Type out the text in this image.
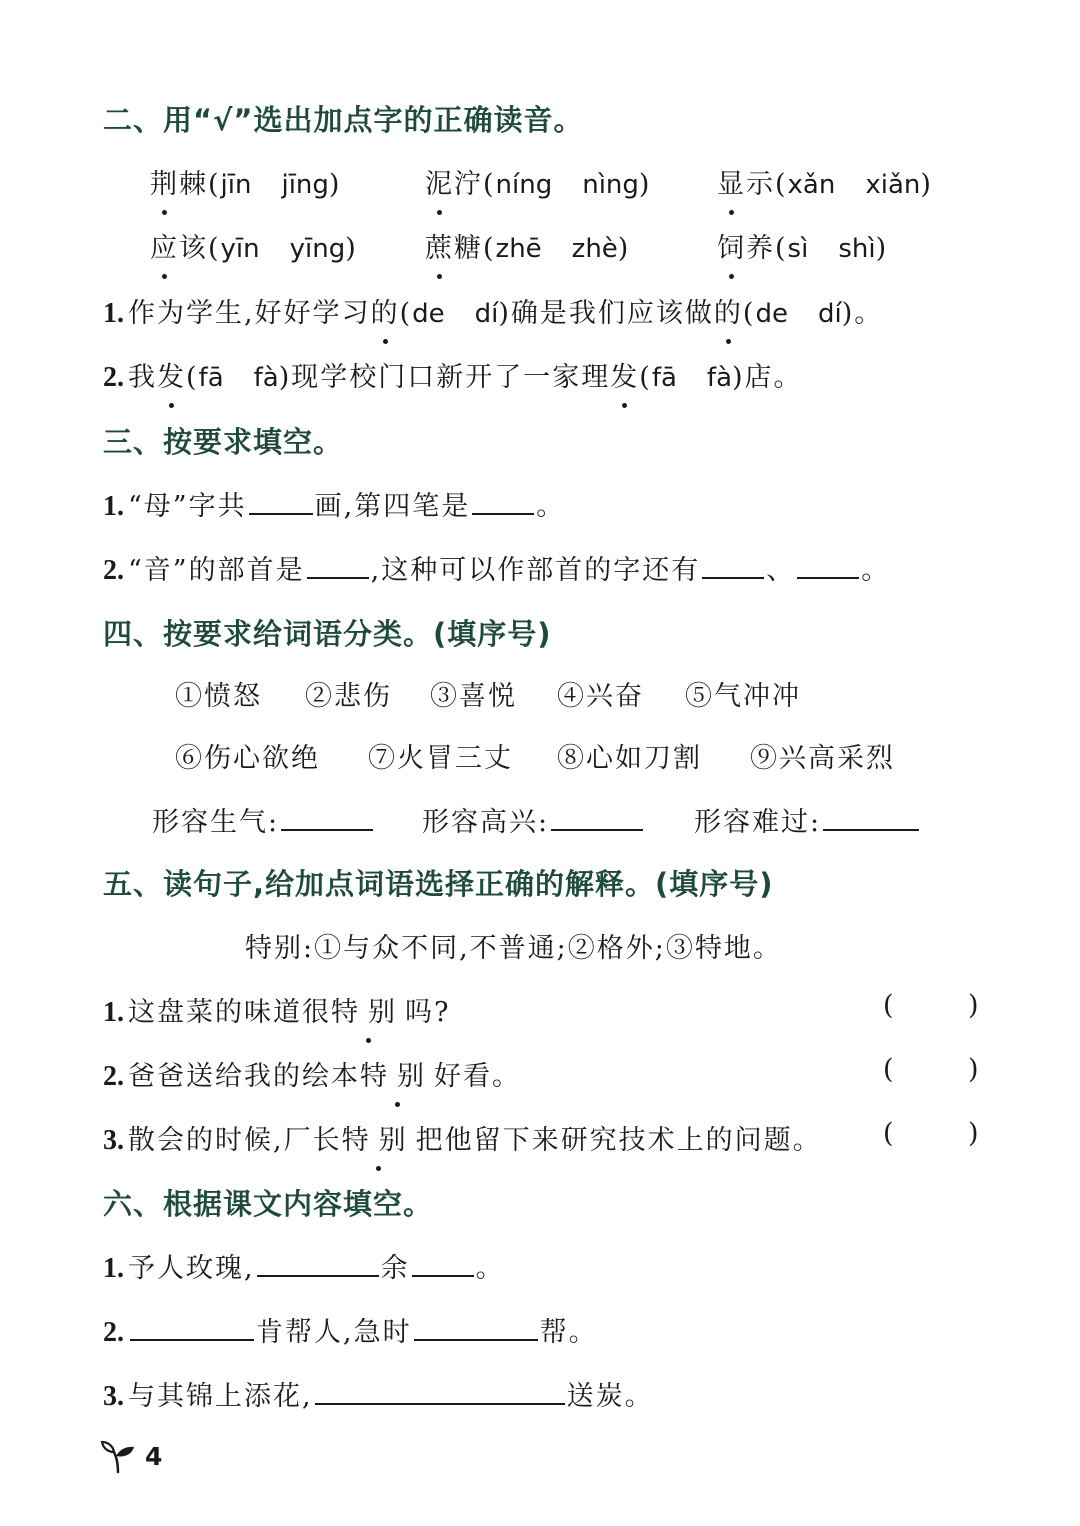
二、用“√”选出加点字的正确读音。
荆棘(jīn jīng)	泥泞(níng nìng) 显示(xǎn xiǎn)
应该(yīn yīng) 蔗糖(zhē zhè)	饲养(sì shì)
1. 作为学生,好好学习的(de dí)确是我们应该做的(de dí)。
2. 我发(fā fà)现学校门口新开了一家理发(fā fà)店。
三、按要求填空。
1. “母”字共	画,第四笔是 。
2. “音”的部首是 ,这种可以作部首的字还有 、 。
四、按要求给词语分类。(填序号)
①愤怒 ②悲伤 ③喜悦 ④兴奋 ⑤气冲冲
⑥伤心欲绝 ⑦火冒三丈 ⑧心如刀割 ⑨兴高采烈
形容生气:	形容高兴:	形容难过:
五、读句子,给加点词语选择正确的解释。(填序号)
特别:①与众不同,不普通;②格外;③特地。
1. 这盘菜的味道很特别吗?	(	)
2. 爸爸送给我的绘本特别好看。	(	)
3. 散会的时候,厂长特别把他留下来研究技术上的问题。 (	)
六、根据课文内容填空。
1. 予人玫瑰,	余 。
2.	肯帮人,急时	帮。
3. 与其锦上添花,	送炭。
4
